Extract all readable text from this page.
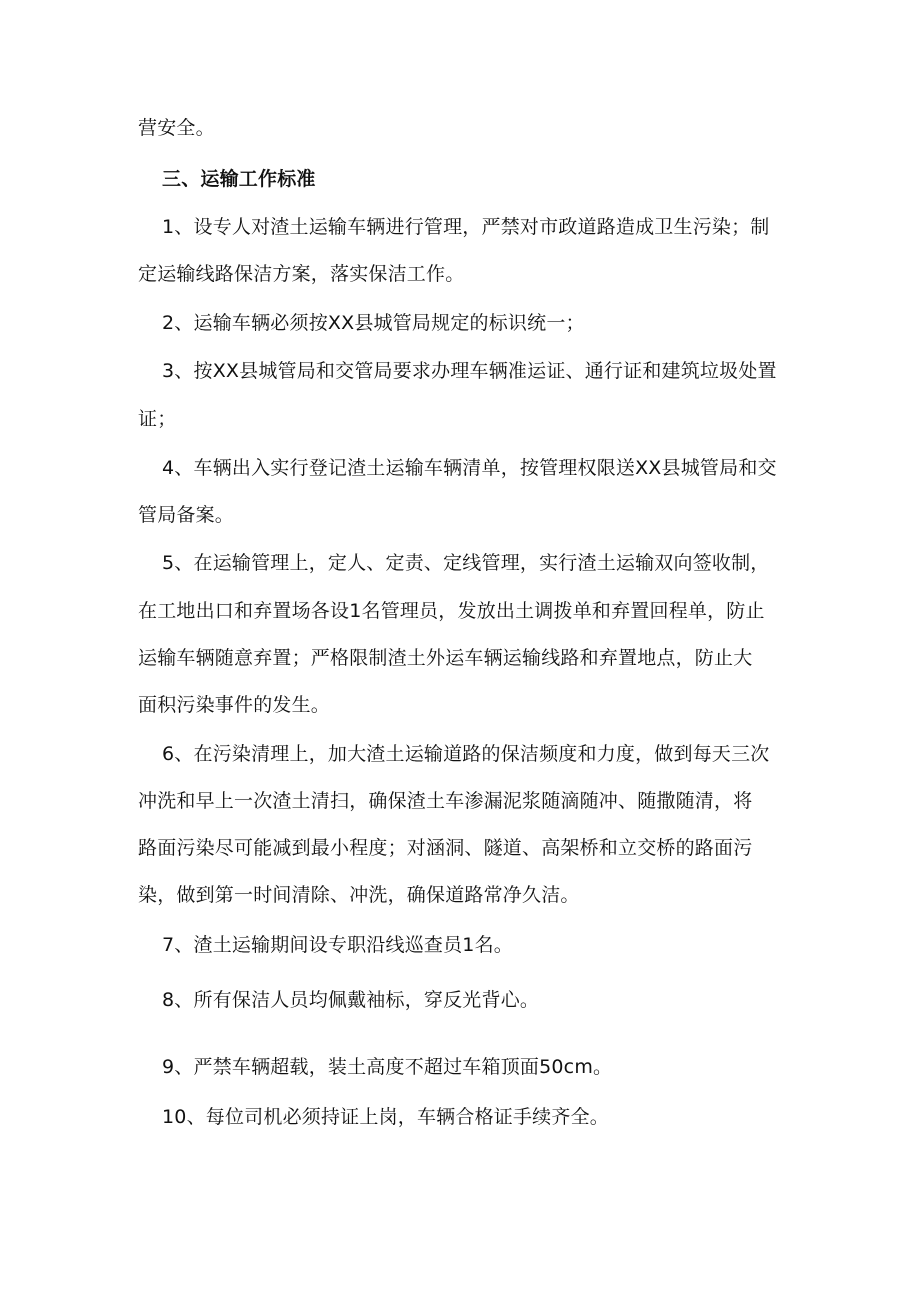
营安全。
三、运输工作标准
1、设专人对渣土运输车辆进行管理，严禁对市政道路造成卫生污染；制
定运输线路保洁方案，落实保洁工作。
2、运输车辆必须按XX县城管局规定的标识统一；
3、按XX县城管局和交管局要求办理车辆准运证、通行证和建筑垃圾处置
证；
4、车辆出入实行登记渣土运输车辆清单，按管理权限送XX县城管局和交
管局备案。
5、在运输管理上，定人、定责、定线管理，实行渣土运输双向签收制，
在工地出口和弃置场各设1名管理员，发放出土调拨单和弃置回程单，防止
运输车辆随意弃置；严格限制渣土外运车辆运输线路和弃置地点，防止大
面积污染事件的发生。
6、在污染清理上，加大渣土运输道路的保洁频度和力度，做到每天三次
冲洗和早上一次渣土清扫，确保渣土车渗漏泥浆随滴随冲、随撒随清，将
路面污染尽可能减到最小程度；对涵洞、隧道、高架桥和立交桥的路面污
染，做到第一时间清除、冲洗，确保道路常净久洁。
7、渣土运输期间设专职沿线巡查员1名。
8、所有保洁人员均佩戴袖标，穿反光背心。
9、严禁车辆超载，装土高度不超过车箱顶面50cm。
10、每位司机必须持证上岗，车辆合格证手续齐全。
